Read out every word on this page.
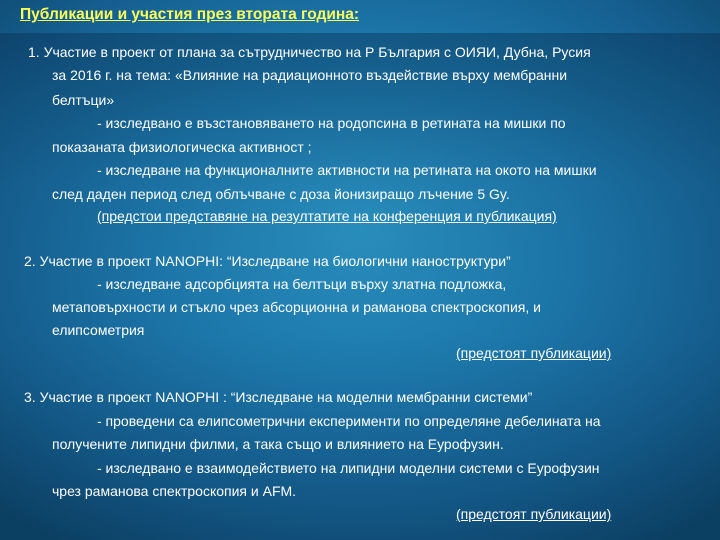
Публикации и участия през втората година:

1. Участие в проект от плана за сътрудничество на Р България с ОИЯИ, Дубна, Русия

за 2016 г. на тема: «Влияние на радиационното въздействие върху мембранни

белтъци»

- изследвано е възстановяването на родопсина в ретината на мишки по

показаната физиологичеcка активност ;

- изследване на функционалните активности на ретината на окото на мишки

след даден период след облъчване с доза йонизиращо лъчение 5 Gy.

(предстои представяне на резултатите на конференция и публикация)

2. Участие в проект NANOPHI: “Изследване на биологични наноструктури”

- изследване адсорбцията на белтъци върху златна подложка,

метаповърхности и стъкло чрез абсорционна и раманова спектроскопия, и

елипсометрия

(предстоят публикации)

3. Участие в проект NANOPHI : “Изследване на моделни мембранни системи”

- проведени са елипсометрични експерименти по определяне дебелината на

получените липидни филми, а така също и влиянието на Еурофузин.

- изследвано е взаимодействието на липидни моделни системи с Еурофузин

чрез раманова спектроскопия и AFM.

(предстоят публикации)
